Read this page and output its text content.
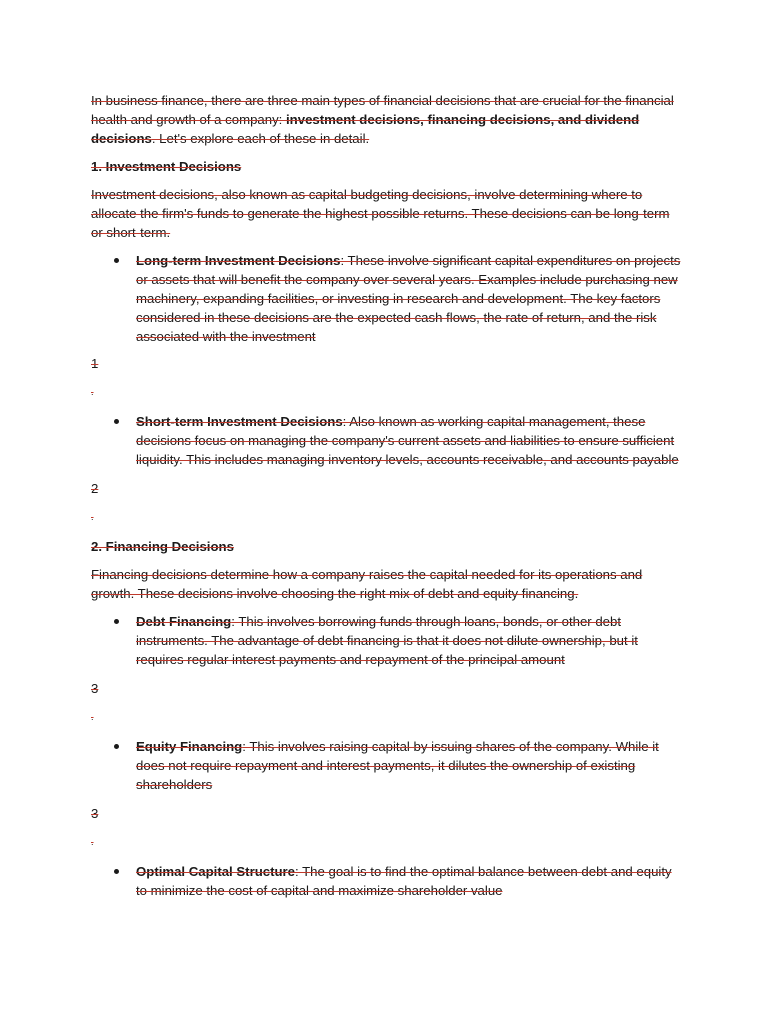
In business finance, there are three main types of financial decisions that are crucial for the financial health and growth of a company: investment decisions, financing decisions, and dividend decisions. Let's explore each of these in detail.

1. Investment Decisions

Investment decisions, also known as capital budgeting decisions, involve determining where to allocate the firm's funds to generate the highest possible returns. These decisions can be long-term or short-term.

Long-term Investment Decisions: These involve significant capital expenditures on projects or assets that will benefit the company over several years. Examples include purchasing new machinery, expanding facilities, or investing in research and development. The key factors considered in these decisions are the expected cash flows, the rate of return, and the risk associated with the investment

1

.

Short-term Investment Decisions: Also known as working capital management, these decisions focus on managing the company's current assets and liabilities to ensure sufficient liquidity. This includes managing inventory levels, accounts receivable, and accounts payable

2

.

2. Financing Decisions

Financing decisions determine how a company raises the capital needed for its operations and growth. These decisions involve choosing the right mix of debt and equity financing.

Debt Financing: This involves borrowing funds through loans, bonds, or other debt instruments. The advantage of debt financing is that it does not dilute ownership, but it requires regular interest payments and repayment of the principal amount

3

.

Equity Financing: This involves raising capital by issuing shares of the company. While it does not require repayment and interest payments, it dilutes the ownership of existing shareholders

3

.

Optimal Capital Structure: The goal is to find the optimal balance between debt and equity to minimize the cost of capital and maximize shareholder value
